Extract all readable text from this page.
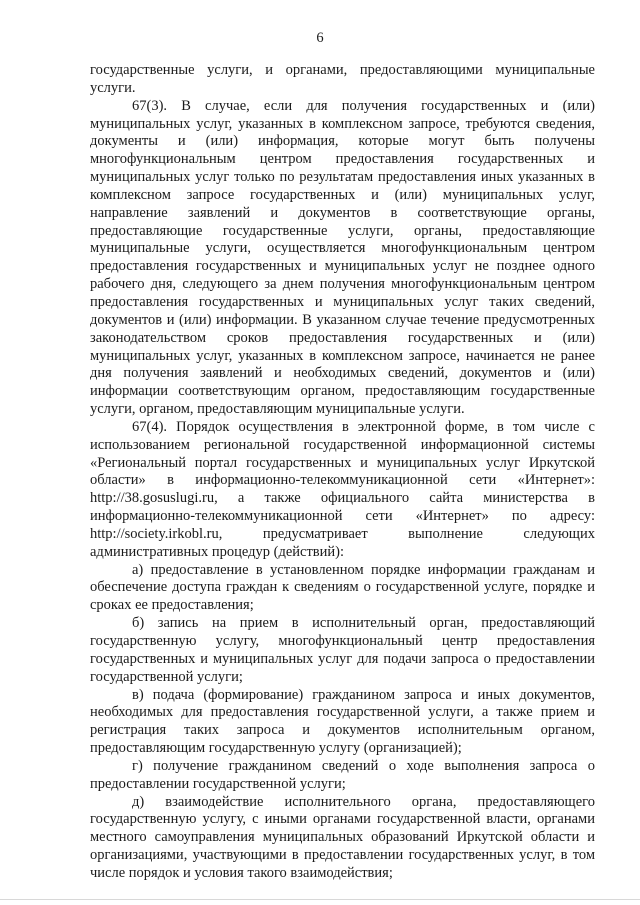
6

государственные услуги, и органами, предоставляющими муниципальные услуги.

67(3). В случае, если для получения государственных и (или) муниципальных услуг, указанных в комплексном запросе, требуются сведения, документы и (или) информация, которые могут быть получены многофункциональным центром предоставления государственных и муниципальных услуг только по результатам предоставления иных указанных в комплексном запросе государственных и (или) муниципальных услуг, направление заявлений и документов в соответствующие органы, предоставляющие государственные услуги, органы, предоставляющие муниципальные услуги, осуществляется многофункциональным центром предоставления государственных и муниципальных услуг не позднее одного рабочего дня, следующего за днем получения многофункциональным центром предоставления государственных и муниципальных услуг таких сведений, документов и (или) информации. В указанном случае течение предусмотренных законодательством сроков предоставления государственных и (или) муниципальных услуг, указанных в комплексном запросе, начинается не ранее дня получения заявлений и необходимых сведений, документов и (или) информации соответствующим органом, предоставляющим государственные услуги, органом, предоставляющим муниципальные услуги.

67(4). Порядок осуществления в электронной форме, в том числе с использованием региональной государственной информационной системы «Региональный портал государственных и муниципальных услуг Иркутской области» в информационно-телекоммуникационной сети «Интернет»: http://38.gosuslugi.ru, а также официального сайта министерства в информационно-телекоммуникационной сети «Интернет» по адресу: http://society.irkobl.ru, предусматривает выполнение следующих административных процедур (действий):

а) предоставление в установленном порядке информации гражданам и обеспечение доступа граждан к сведениям о государственной услуге, порядке и сроках ее предоставления;

б) запись на прием в исполнительный орган, предоставляющий государственную услугу, многофункциональный центр предоставления государственных и муниципальных услуг для подачи запроса о предоставлении государственной услуги;

в) подача (формирование) гражданином запроса и иных документов, необходимых для предоставления государственной услуги, а также прием и регистрация таких запроса и документов исполнительным органом, предоставляющим государственную услугу (организацией);

г) получение гражданином сведений о ходе выполнения запроса о предоставлении государственной услуги;

д) взаимодействие исполнительного органа, предоставляющего государственную услугу, с иными органами государственной власти, органами местного самоуправления муниципальных образований Иркутской области и организациями, участвующими в предоставлении государственных услуг, в том числе порядок и условия такого взаимодействия;
